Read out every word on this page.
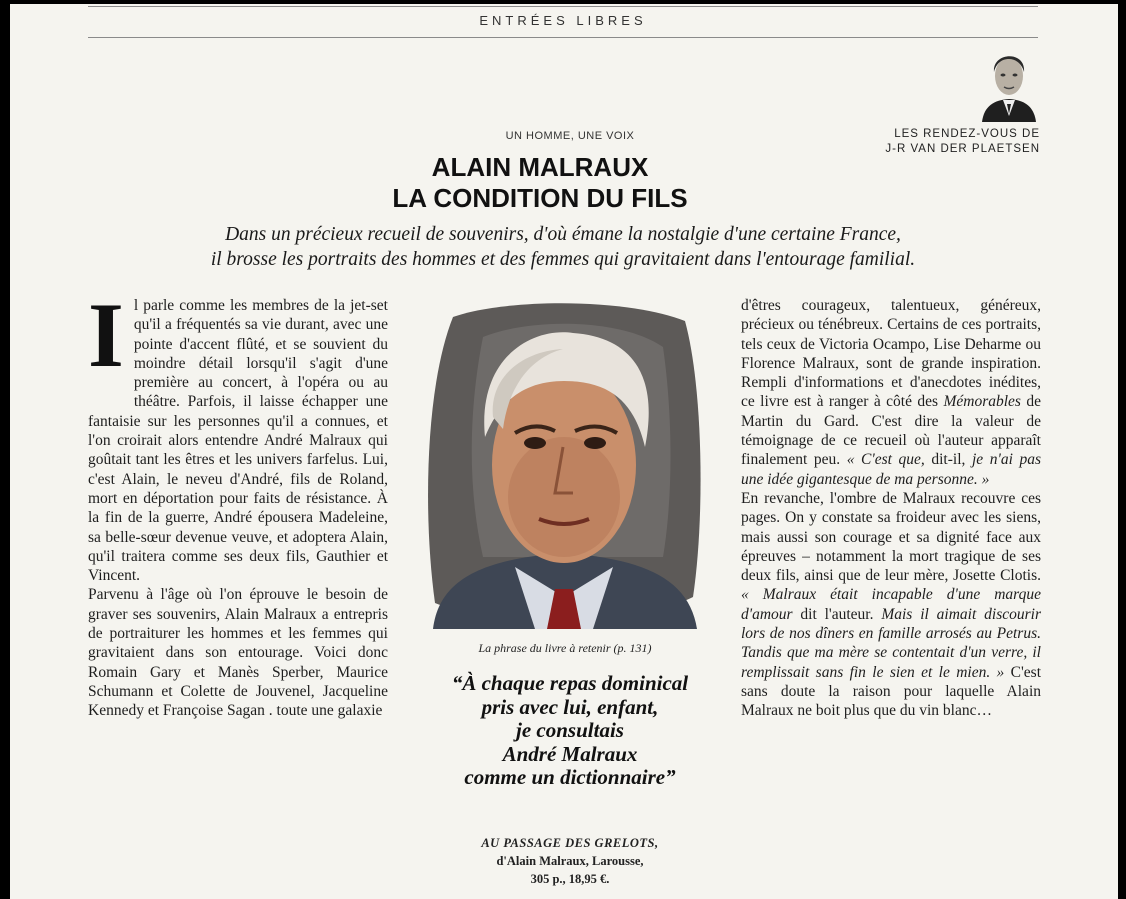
ENTRÉES LIBRES
LES RENDEZ-VOUS DE
J-R VAN DER PLAETSEN
UN HOMME, UNE VOIX
ALAIN MALRAUX
LA CONDITION DU FILS
Dans un précieux recueil de souvenirs, d'où émane la nostalgie d'une certaine France,
il brosse les portraits des hommes et des femmes qui gravitaient dans l'entourage familial.

Il parle comme les membres de la jet-set qu'il a fréquentés sa vie durant, avec une pointe d'accent flûté, et se souvient du moindre détail lorsqu'il s'agit d'une première au concert, à l'opéra ou au théâtre. Parfois, il laisse échapper une fantaisie sur les personnes qu'il a connues, et l'on croirait alors entendre André Malraux qui goûtait tant les êtres et les univers farfelus. Lui, c'est Alain, le neveu d'André, fils de Roland, mort en déportation pour faits de résistance. À la fin de la guerre, André épousera Madeleine, sa belle-sœur devenue veuve, et adoptera Alain, qu'il traitera comme ses deux fils, Gauthier et Vincent.

Parvenu à l'âge où l'on éprouve le besoin de graver ses souvenirs, Alain Malraux a entrepris de portraiturer les hommes et les femmes qui gravitaient dans son entourage. Voici donc Romain Gary et Manès Sperber, Maurice Schumann et Colette de Jouvenel, Jacqueline Kennedy et Françoise Sagan . toute une galaxie

La phrase du livre à retenir (p. 131)
“À chaque repas dominical
pris avec lui, enfant,
je consultais
André Malraux
comme un dictionnaire”
AU PASSAGE DES GRELOTS,
d'Alain Malraux, Larousse,
305 p., 18,95 €.

d'êtres courageux, talentueux, généreux, précieux ou ténébreux. Certains de ces portraits, tels ceux de Victoria Ocampo, Lise Deharme ou Florence Malraux, sont de grande inspiration. Rempli d'informations et d'anecdotes inédites, ce livre est à ranger à côté des Mémorables de Martin du Gard. C'est dire la valeur de témoignage de ce recueil où l'auteur apparaît finalement peu. « C'est que, dit-il, je n'ai pas une idée gigantesque de ma personne. »

En revanche, l'ombre de Malraux recouvre ces pages. On y constate sa froideur avec les siens, mais aussi son courage et sa dignité face aux épreuves – notamment la mort tragique de ses deux fils, ainsi que de leur mère, Josette Clotis. « Malraux était incapable d'une marque d'amour dit l'auteur. Mais il aimait discourir lors de nos dîners en famille arrosés au Petrus. Tandis que ma mère se contentait d'un verre, il remplissait sans fin le sien et le mien. » C'est sans doute la raison pour laquelle Alain Malraux ne boit plus que du vin blanc…
